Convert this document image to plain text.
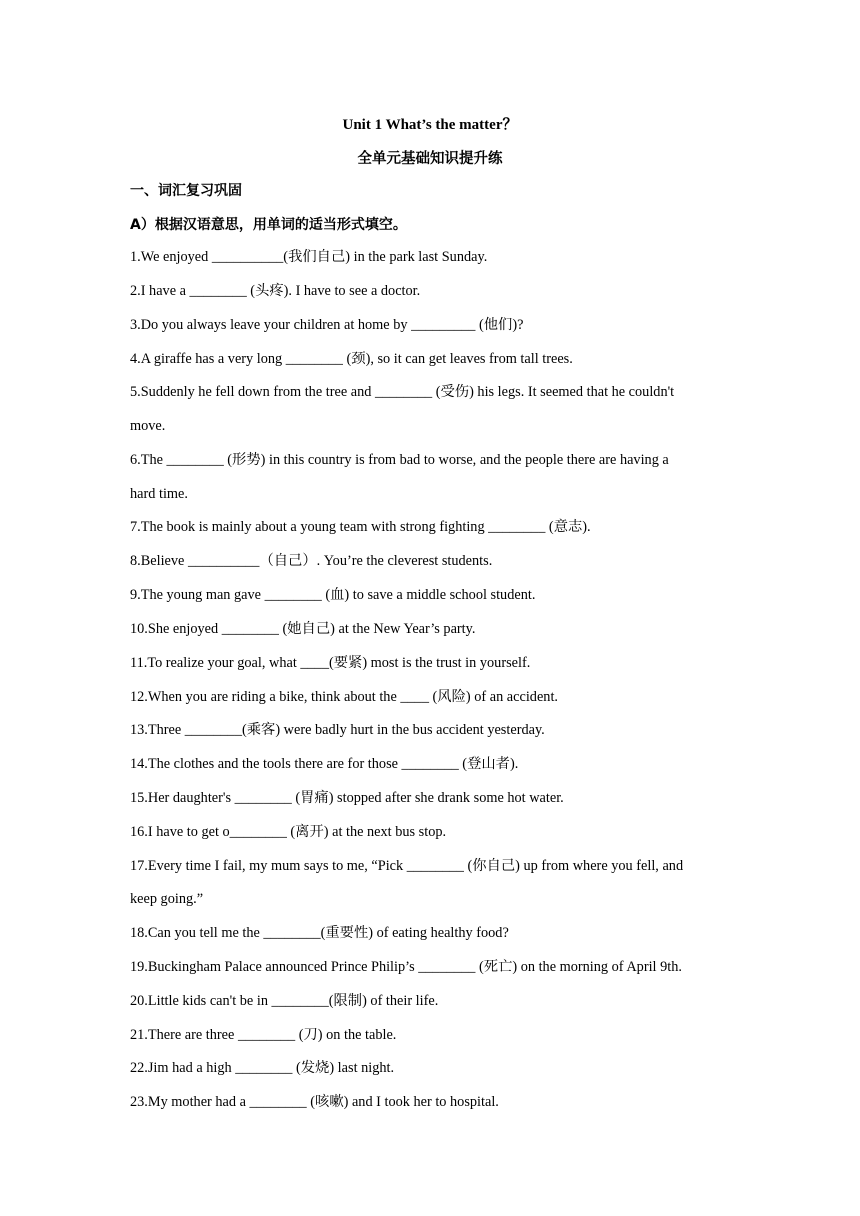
Unit 1 What’s the matter？
全单元基础知识提升练
一、词汇复习巩固
A）根据汉语意思，用单词的适当形式填空。
1.We enjoyed __________(我们自己) in the park last Sunday.
2.I have a ________ (头疼). I have to see a doctor.
3.Do you always leave your children at home by _________ (他们)?
4.A giraffe has a very long ________ (颈), so it can get leaves from tall trees.
5.Suddenly he fell down from the tree and ________ (受伤) his legs. It seemed that he couldn't
move.
6.The ________ (形势) in this country is from bad to worse, and the people there are having a
hard time.
7.The book is mainly about a young team with strong fighting ________ (意志).
8.Believe __________（自己）. You’re the cleverest students.
9.The young man gave ________ (血) to save a middle school student.
10.She enjoyed ________ (她自己) at the New Year’s party.
11.To realize your goal, what ____(要紧) most is the trust in yourself.
12.When you are riding a bike, think about the ____ (风险) of an accident.
13.Three ________(乘客) were badly hurt in the bus accident yesterday.
14.The clothes and the tools there are for those ________ (登山者).
15.Her daughter's ________ (胃痛) stopped after she drank some hot water.
16.I have to get o________ (离开) at the next bus stop.
17.Every time I fail, my mum says to me, “Pick ________ (你自己) up from where you fell, and
keep going.”
18.Can you tell me the ________(重要性) of eating healthy food?
19.Buckingham Palace announced Prince Philip’s ________ (死亡) on the morning of April 9th.
20.Little kids can't be in ________(限制) of their life.
21.There are three ________ (刀) on the table.
22.Jim had a high ________ (发烧) last night.
23.My mother had a ________ (咳嗽) and I took her to hospital.
